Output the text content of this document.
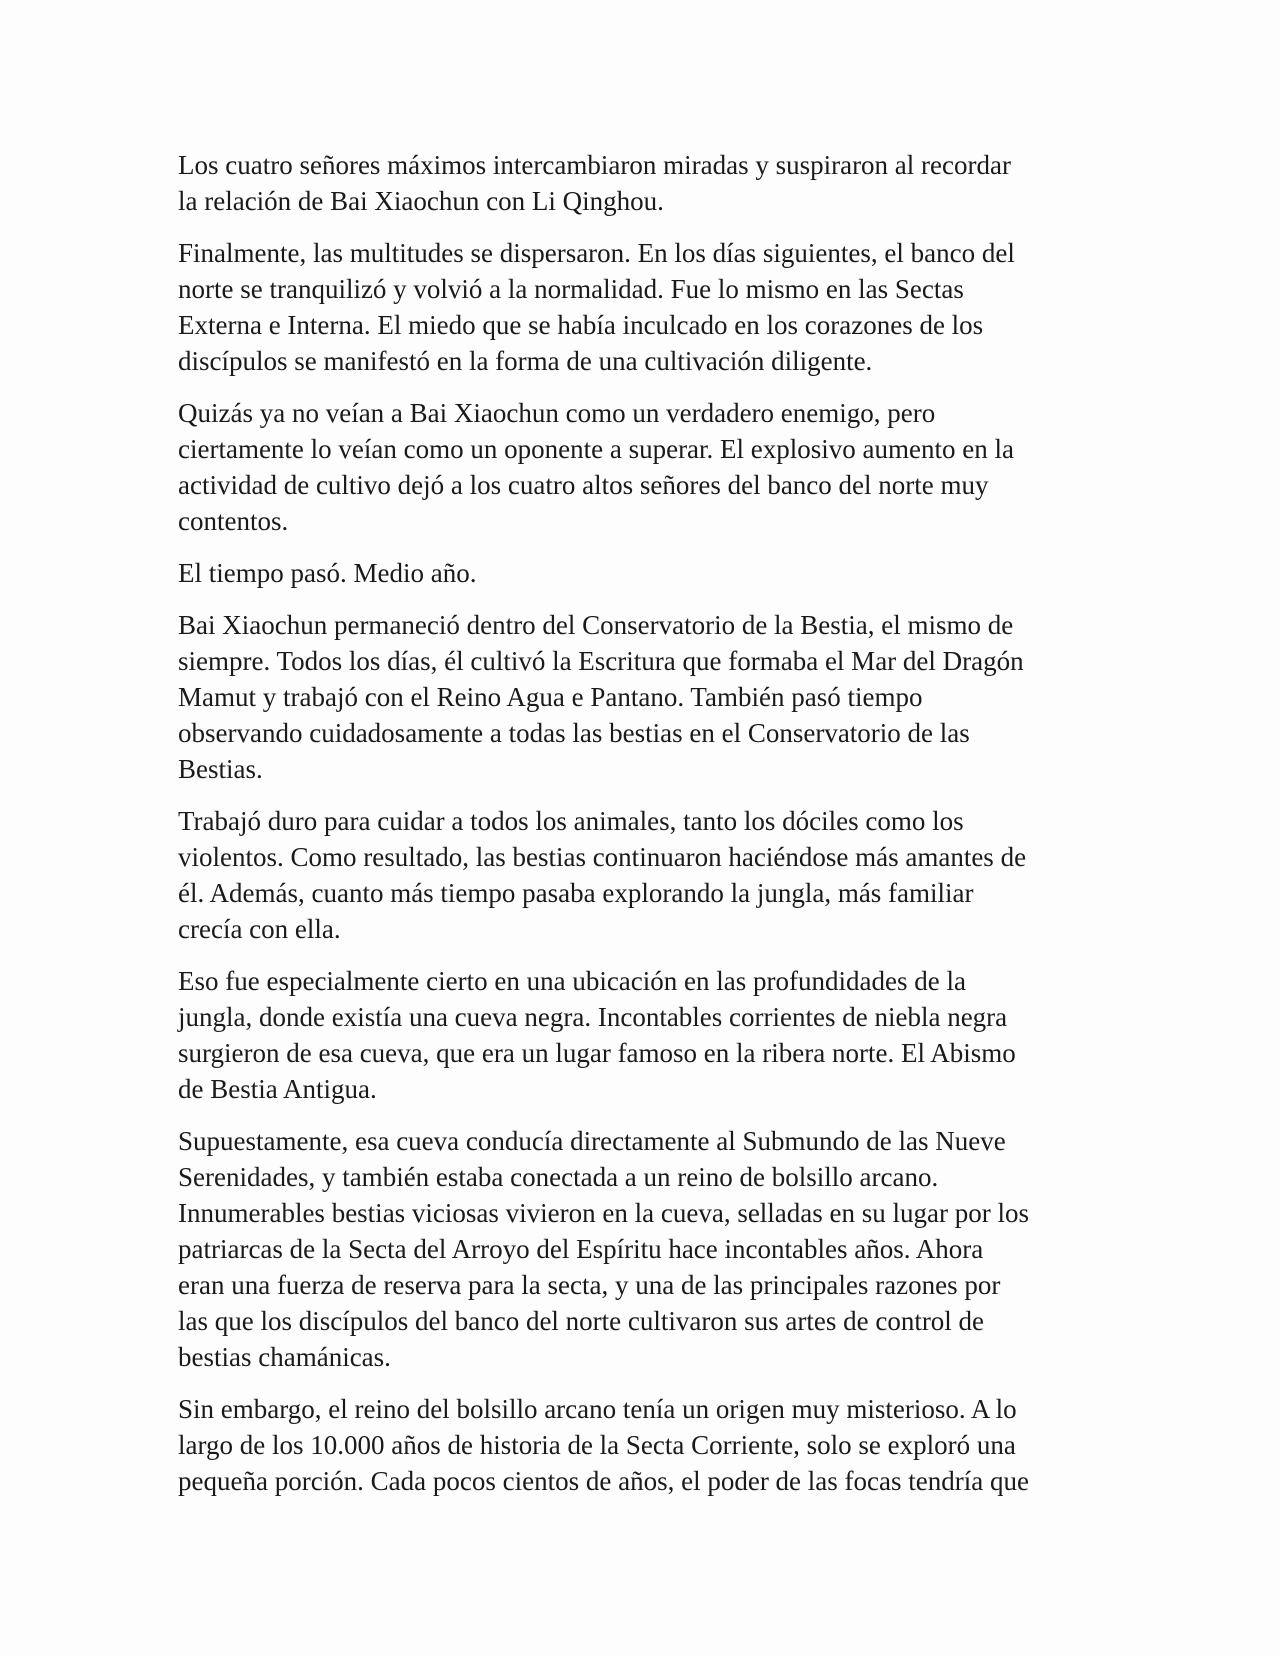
Los cuatro señores máximos intercambiaron miradas y suspiraron al recordar
la relación de Bai Xiaochun con Li Qinghou.

Finalmente, las multitudes se dispersaron. En los días siguientes, el banco del
norte se tranquilizó y volvió a la normalidad. Fue lo mismo en las Sectas
Externa e Interna. El miedo que se había inculcado en los corazones de los
discípulos se manifestó en la forma de una cultivación diligente.

Quizás ya no veían a Bai Xiaochun como un verdadero enemigo, pero
ciertamente lo veían como un oponente a superar. El explosivo aumento en la
actividad de cultivo dejó a los cuatro altos señores del banco del norte muy
contentos.

El tiempo pasó. Medio año.

Bai Xiaochun permaneció dentro del Conservatorio de la Bestia, el mismo de
siempre. Todos los días, él cultivó la Escritura que formaba el Mar del Dragón
Mamut y trabajó con el Reino Agua e Pantano. También pasó tiempo
observando cuidadosamente a todas las bestias en el Conservatorio de las
Bestias.

Trabajó duro para cuidar a todos los animales, tanto los dóciles como los
violentos. Como resultado, las bestias continuaron haciéndose más amantes de
él. Además, cuanto más tiempo pasaba explorando la jungla, más familiar
crecía con ella.

Eso fue especialmente cierto en una ubicación en las profundidades de la
jungla, donde existía una cueva negra. Incontables corrientes de niebla negra
surgieron de esa cueva, que era un lugar famoso en la ribera norte. El Abismo
de Bestia Antigua.

Supuestamente, esa cueva conducía directamente al Submundo de las Nueve
Serenidades, y también estaba conectada a un reino de bolsillo arcano.
Innumerables bestias viciosas vivieron en la cueva, selladas en su lugar por los
patriarcas de la Secta del Arroyo del Espíritu hace incontables años. Ahora
eran una fuerza de reserva para la secta, y una de las principales razones por
las que los discípulos del banco del norte cultivaron sus artes de control de
bestias chamánicas.

Sin embargo, el reino del bolsillo arcano tenía un origen muy misterioso. A lo
largo de los 10.000 años de historia de la Secta Corriente, solo se exploró una
pequeña porción. Cada pocos cientos de años, el poder de las focas tendría que
